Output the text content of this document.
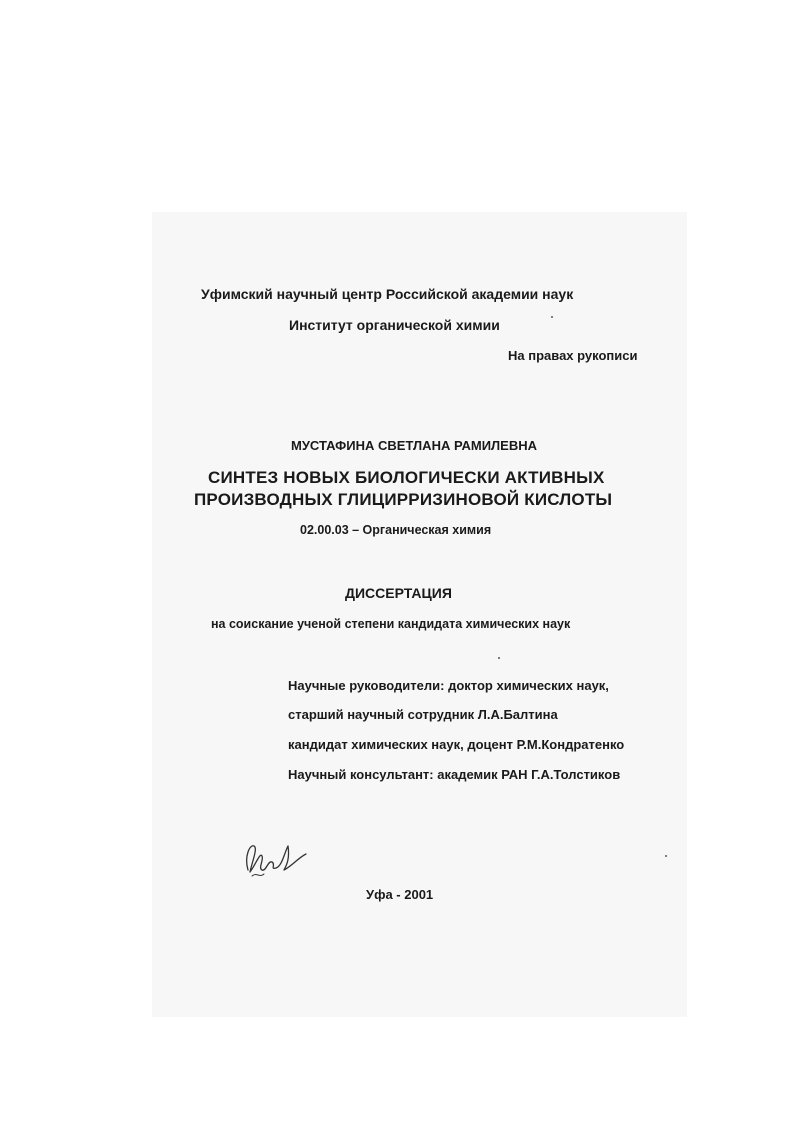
Уфимский научный центр Российской академии наук
Институт органической химии
На правах рукописи
МУСТАФИНА СВЕТЛАНА РАМИЛЕВНА
СИНТЕЗ НОВЫХ БИОЛОГИЧЕСКИ АКТИВНЫХ
ПРОИЗВОДНЫХ ГЛИЦИРРИЗИНОВОЙ КИСЛОТЫ
02.00.03 – Органическая химия
ДИССЕРТАЦИЯ
на соискание ученой степени кандидата химических наук
Научные руководители: доктор химических наук,
старший научный сотрудник Л.А.Балтина
кандидат химических наук, доцент Р.М.Кондратенко
Научный консультант: академик РАН Г.А.Толстиков
Уфа - 2001
